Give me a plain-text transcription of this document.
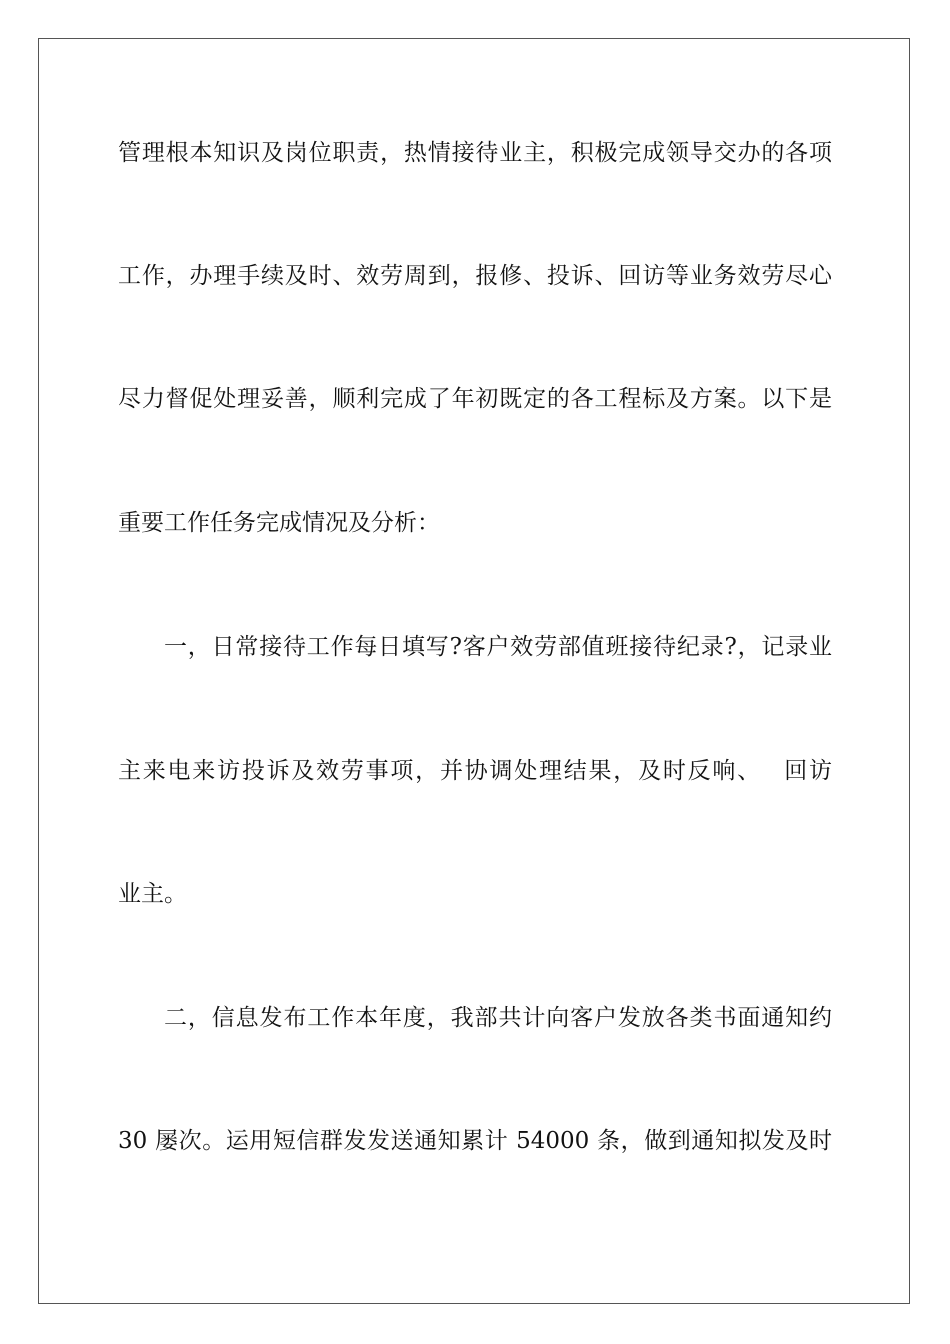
管理根本知识及岗位职责，热情接待业主，积极完成领导交办的各项
工作，办理手续及时、效劳周到，报修、投诉、回访等业务效劳尽心
尽力督促处理妥善，顺利完成了年初既定的各工程标及方案。以下是
重要工作任务完成情况及分析：
一，日常接待工作每日填写?客户效劳部值班接待纪录?，记录业
主来电来访投诉及效劳事项，并协调处理结果，及时反响、　 回访
业主。
二，信息发布工作本年度，我部共计向客户发放各类书面通知约
30 屡次。运用短信群发发送通知累计 54000 条，做到通知拟发及时
